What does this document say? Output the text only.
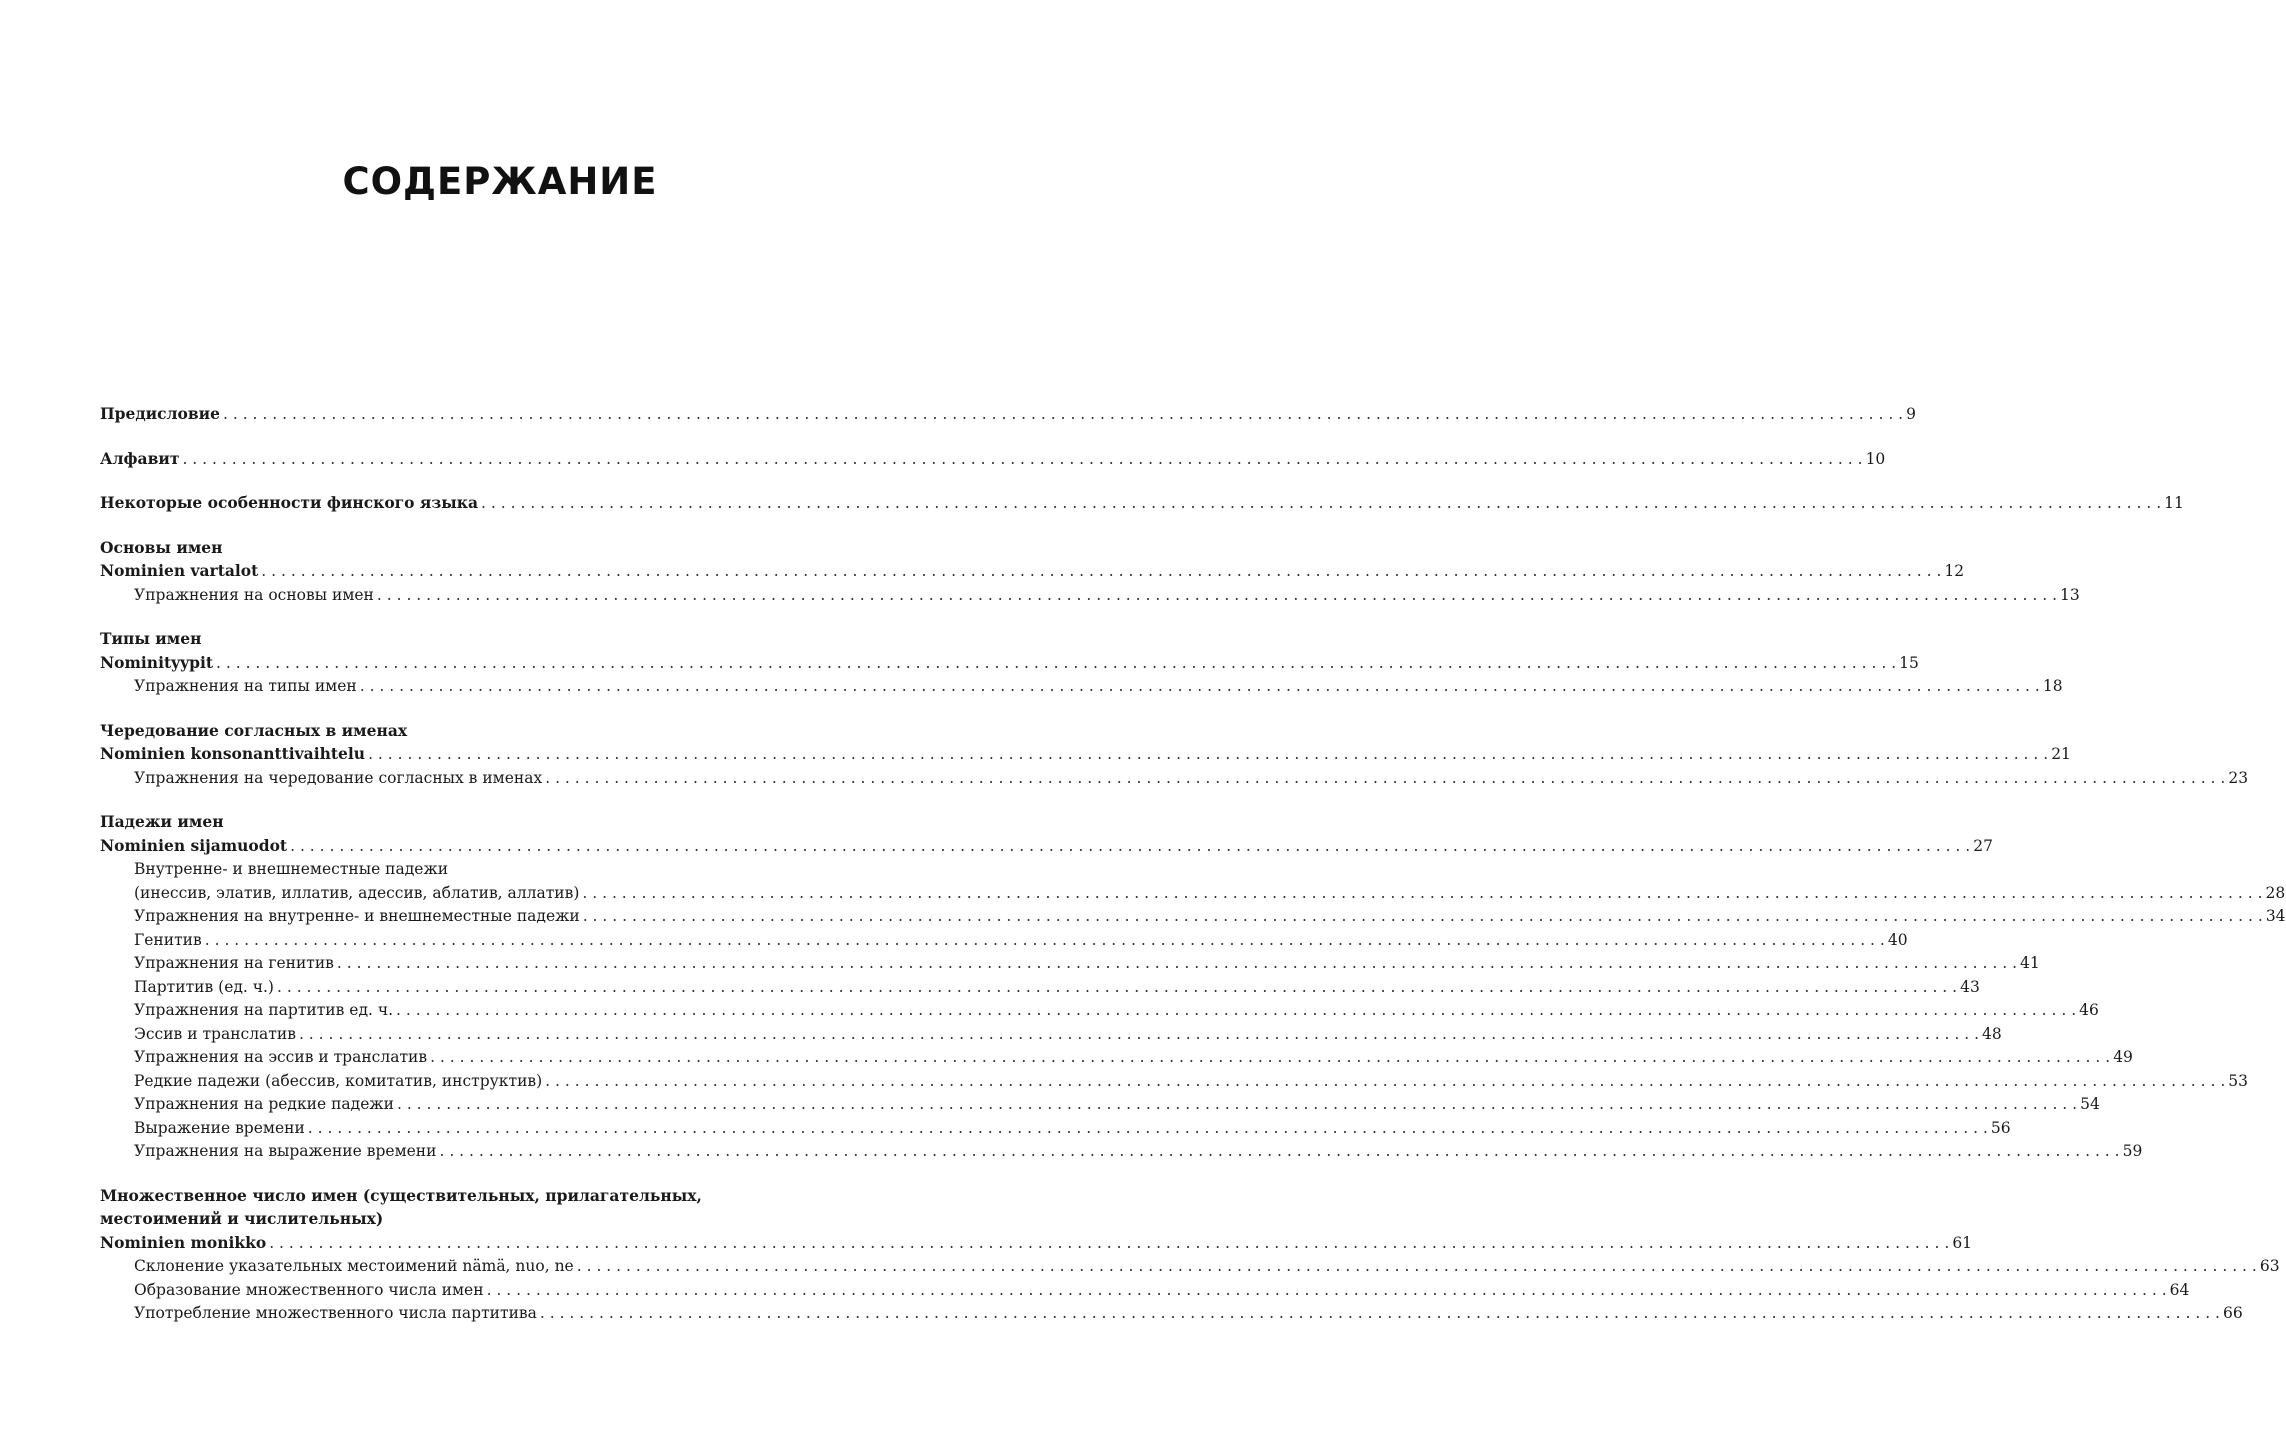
СОДЕРЖАНИЕ
Предисловие . . .	9
Алфавит . . .	10
Некоторые особенности финского языка . . .	11
Основы имен
Nominien vartalot . . .	12
Упражнения на основы имен . . .	13
Типы имен
Nominityypit . . .	15
Упражнения на типы имен . . .	18
Чередование согласных в именах
Nominien konsonanttivaihtelu . . .	21
Упражнения на чередование согласных в именах . . .	23
Падежи имен
Nominien sijamuodot . . .	27
Внутренне- и внешнеместные падежи
(инессив, элатив, иллатив, адессив, аблатив, аллатив) . . .	28
Упражнения на внутренне- и внешнеместные падежи . . .	34
Генитив . . .	40
Упражнения на генитив . . .	41
Партитив (ед. ч.) . . .	43
Упражнения на партитив ед. ч. . . .	46
Эссив и транслатив . . .	48
Упражнения на эссив и транслатив . . .	49
Редкие падежи (абессив, комитатив, инструктив) . . .	53
Упражнения на редкие падежи . . .	54
Выражение времени . . .	56
Упражнения на выражение времени . . .	59
Множественное число имен (существительных, прилагательных,
местоимений и числительных)
Nominien monikko . . .	61
Склонение указательных местоимений nämä, nuo, ne . . .	63
Образование множественного числа имен . . .	64
Употребление множественного числа партитива . . .	66
